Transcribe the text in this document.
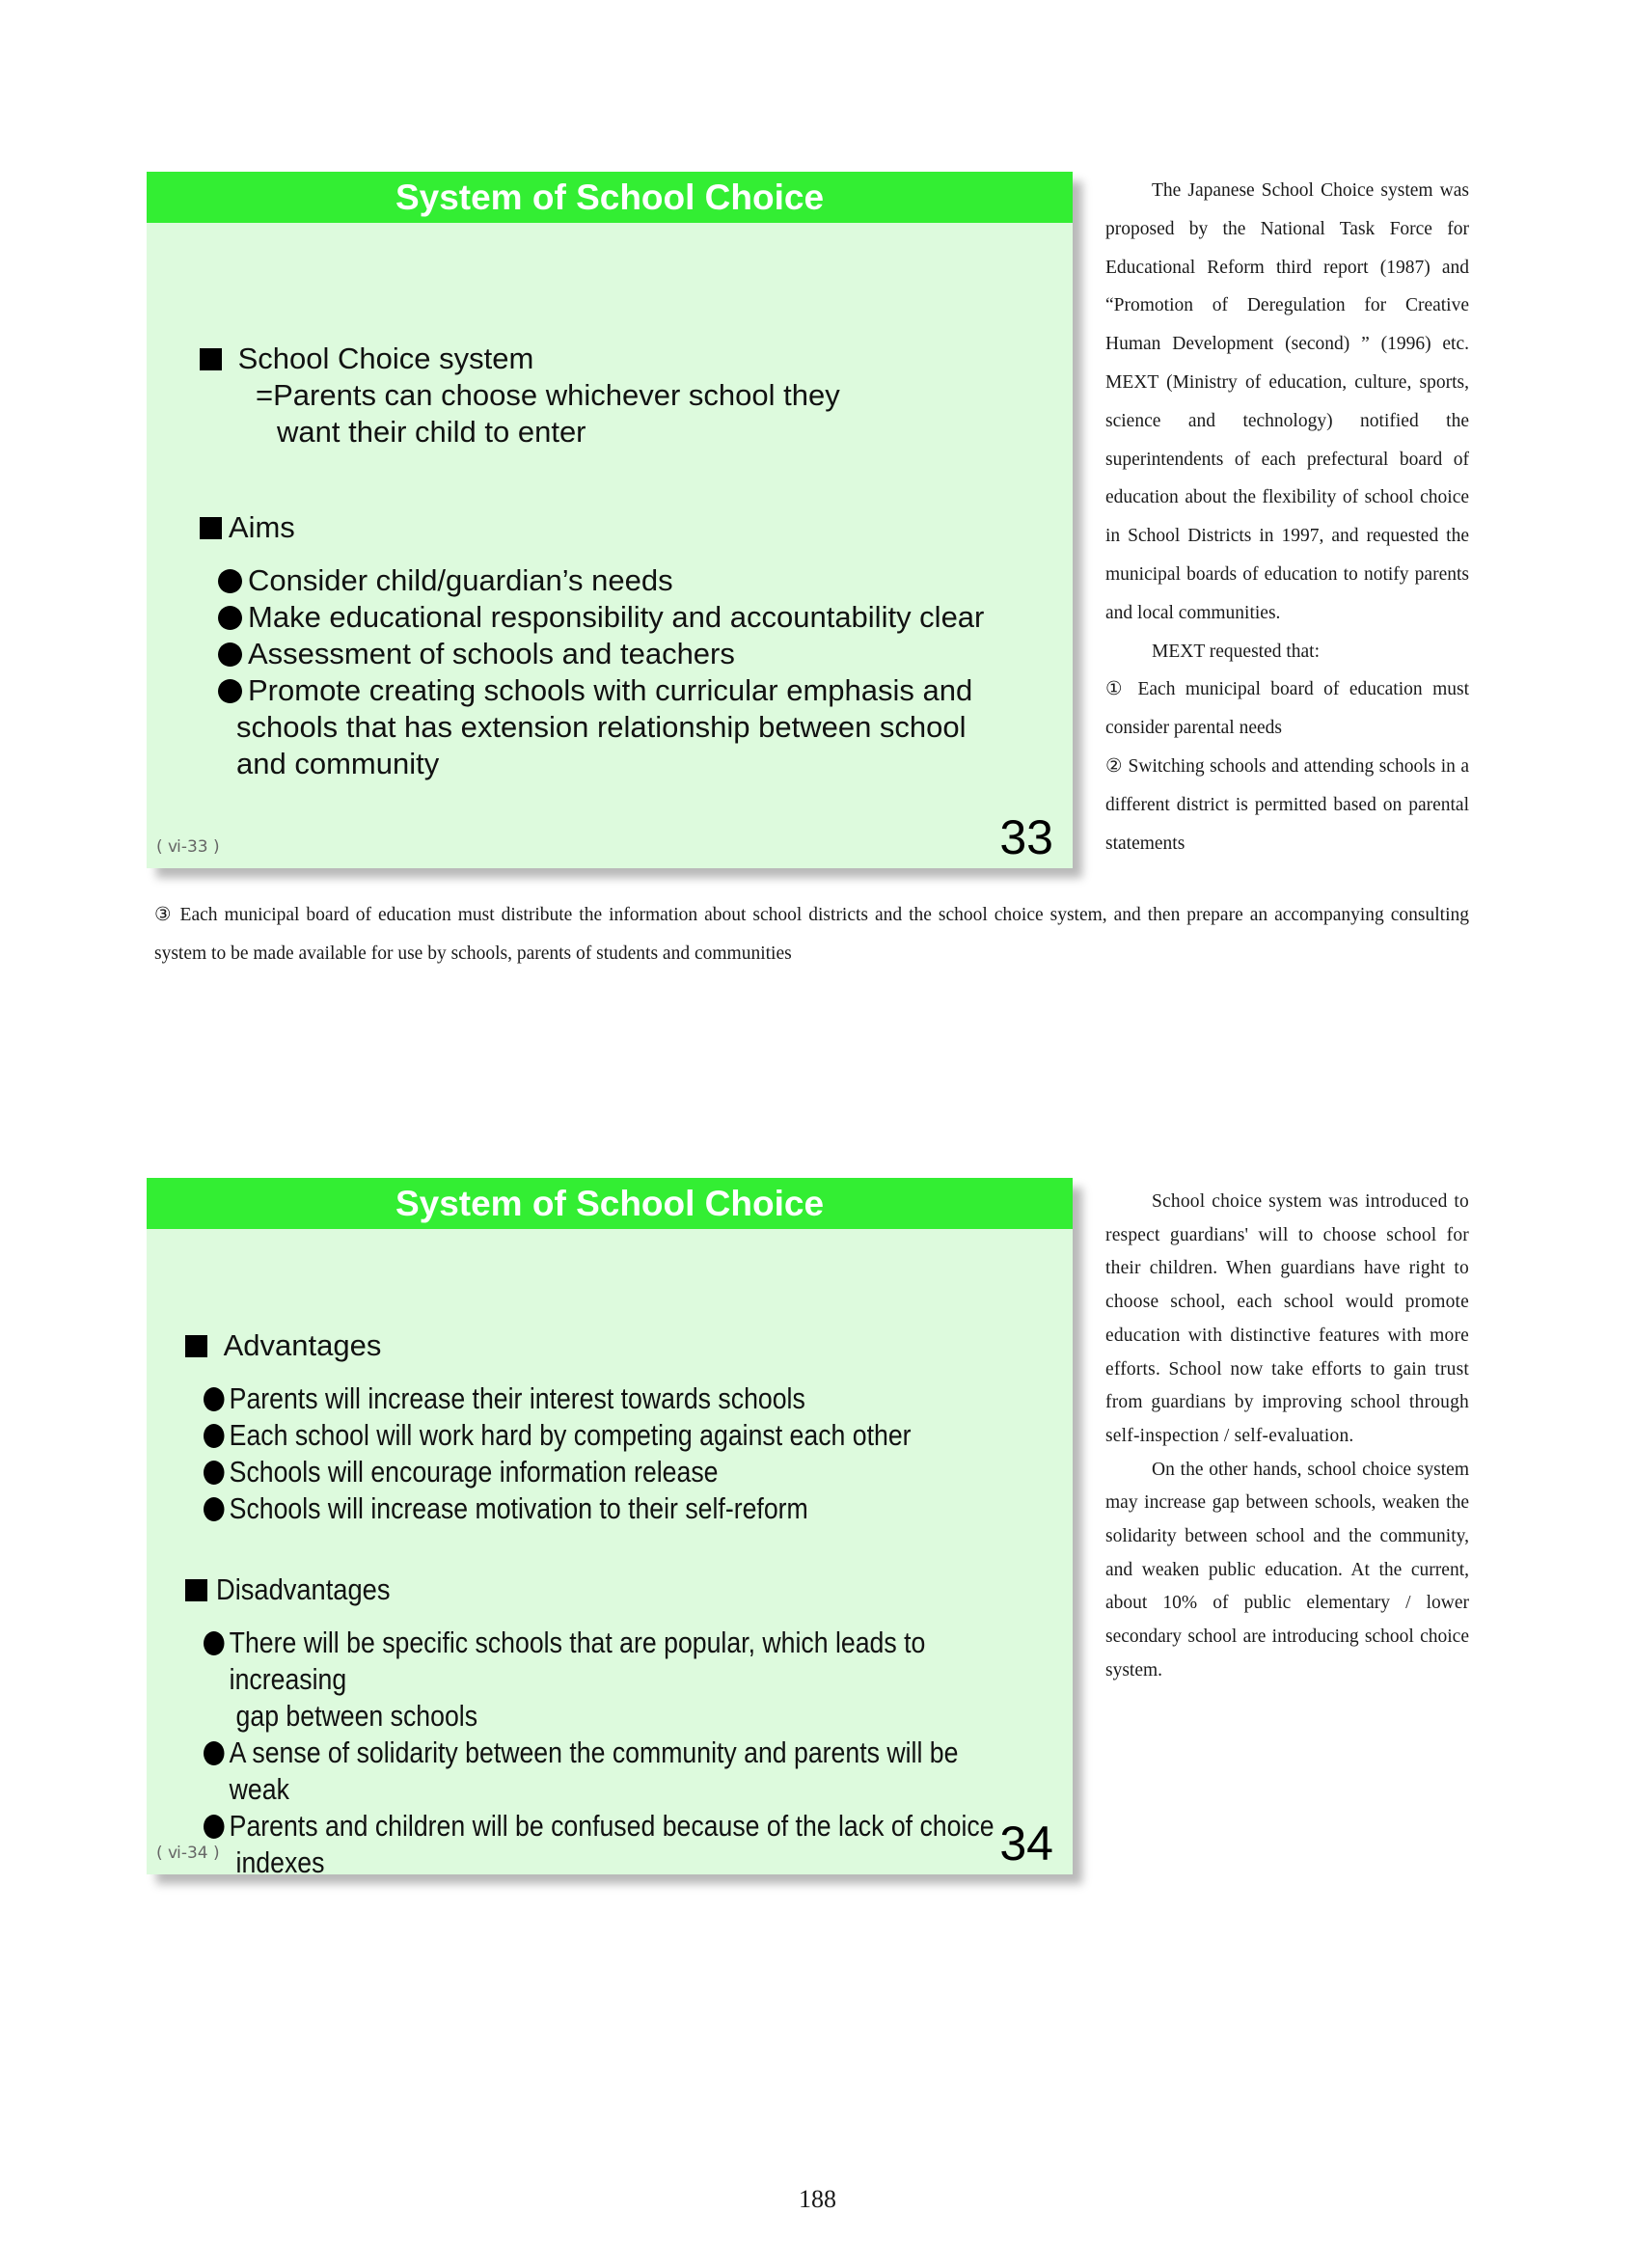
System of School Choice
School Choice system
=Parents can choose whichever school they
want their child to enter
Aims
Consider child/guardian’s needs
Make educational responsibility and accountability clear
Assessment of schools and teachers
Promote creating schools with curricular emphasis and
schools that has extension relationship between school and community
( ⅵ‐33 )	33

The Japanese School Choice system was proposed by the National Task Force for Educational Reform third report (1987) and “Promotion of Deregulation for Creative Human Development (second) ” (1996) etc. MEXT (Ministry of education, culture, sports, science and technology) notified the superintendents of each prefectural board of education about the flexibility of school choice in School Districts in 1997, and requested the municipal boards of education to notify parents and local communities.

MEXT requested that:

① Each municipal board of education must consider parental needs

② Switching schools and attending schools in a different district is permitted based on parental statements

③ Each municipal board of education must distribute the information about school districts and the school choice system, and then prepare an accompanying consulting system to be made available for use by schools, parents of students and communities
System of School Choice
Advantages
Parents will increase their interest towards schools
Each school will work hard by competing against each other
Schools will encourage information release
Schools will increase motivation to their self-reform
Disadvantages
There will be specific schools that are popular, which leads to increasing
gap between schools
A sense of solidarity between the community and parents will be weak
Parents and children will be confused because of the lack of choice
indexes
( ⅵ‐34 )	34

School choice system was introduced to respect guardians' will to choose school for their children. When guardians have right to choose school, each school would promote education with distinctive features with more efforts. School now take efforts to gain trust from guardians by improving school through self-inspection / self-evaluation.

On the other hands, school choice system may increase gap between schools, weaken the solidarity between school and the community, and weaken public education. At the current, about 10% of public elementary / lower secondary school are introducing school choice system.

188
